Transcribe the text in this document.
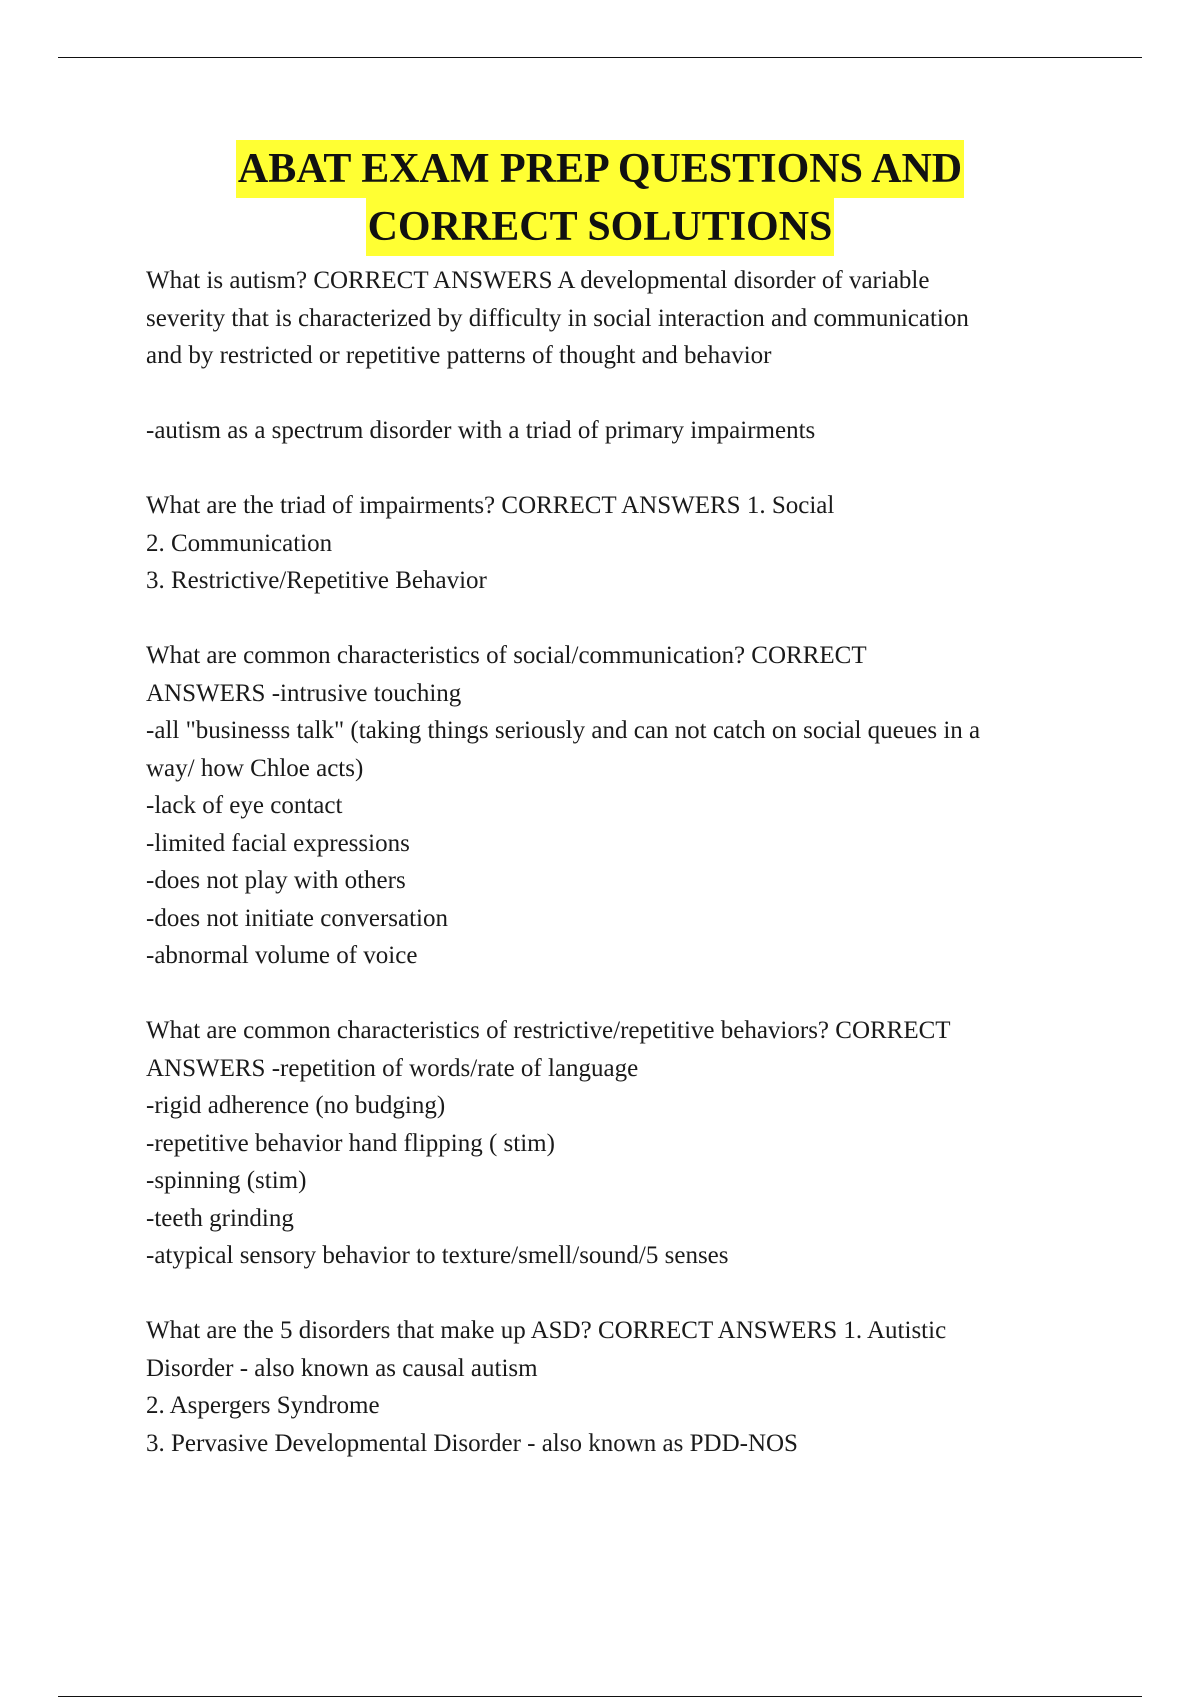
ABAT EXAM PREP QUESTIONS AND
CORRECT SOLUTIONS
What is autism? CORRECT ANSWERS A developmental disorder of variable
severity that is characterized by difficulty in social interaction and communication
and by restricted or repetitive patterns of thought and behavior
-autism as a spectrum disorder with a triad of primary impairments
What are the triad of impairments? CORRECT ANSWERS 1. Social
2. Communication
3. Restrictive/Repetitive Behavior
What are common characteristics of social/communication? CORRECT
ANSWERS -intrusive touching
-all "businesss talk" (taking things seriously and can not catch on social queues in a
way/ how Chloe acts)
-lack of eye contact
-limited facial expressions
-does not play with others
-does not initiate conversation
-abnormal volume of voice
What are common characteristics of restrictive/repetitive behaviors? CORRECT
ANSWERS -repetition of words/rate of language
-rigid adherence (no budging)
-repetitive behavior hand flipping ( stim)
-spinning (stim)
-teeth grinding
-atypical sensory behavior to texture/smell/sound/5 senses
What are the 5 disorders that make up ASD? CORRECT ANSWERS 1. Autistic
Disorder - also known as causal autism
2. Aspergers Syndrome
3. Pervasive Developmental Disorder - also known as PDD-NOS
